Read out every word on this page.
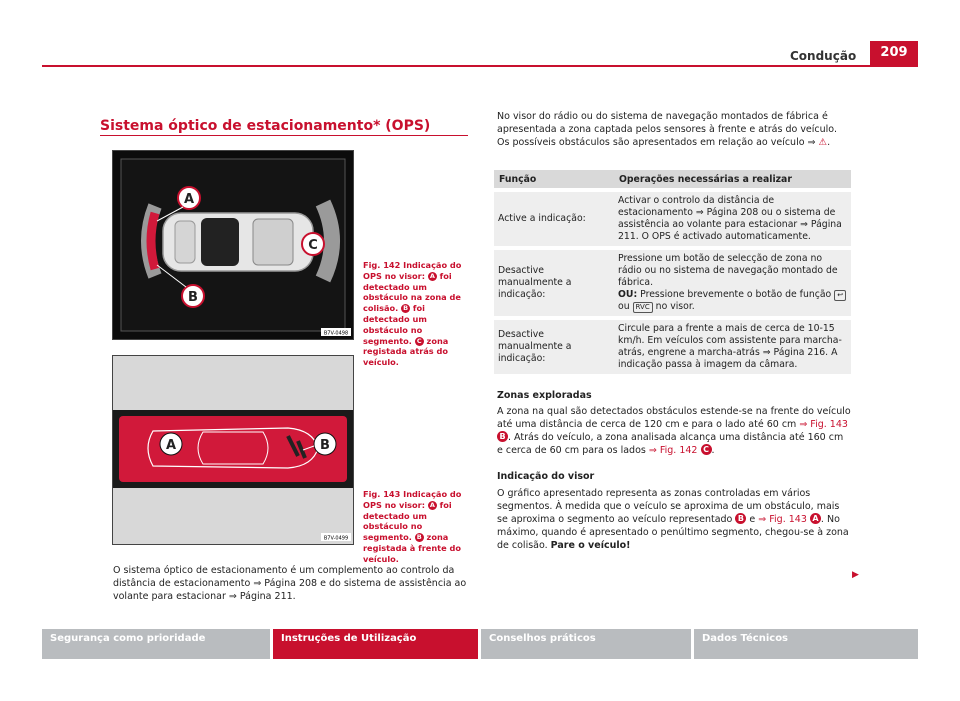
Condução	209
Sistema óptico de estacionamento* (OPS)
A
B
C
B7V-0498
Fig. 142 Indicação do OPS no visor: A foi detectado um obstáculo na zona de colisão. B foi detectado um obstáculo no segmento. C zona registada atrás do veículo.
A	B
B7V-0499
Fig. 143 Indicação do OPS no visor: A foi detectado um obstáculo no segmento. B zona registada à frente do veículo.
O sistema óptico de estacionamento é um complemento ao controlo da distância de estacionamento ⇒ Página 208 e do sistema de assistência ao volante para estacionar ⇒ Página 211.
No visor do rádio ou do sistema de navegação montados de fábrica é apresentada a zona captada pelos sensores à frente e atrás do veículo. Os possíveis obstáculos são apresentados em relação ao veículo ⇒ ⚠.
Função	Operações necessárias a realizar
Active a indicação:	Activar o controlo da distância de estacionamento ⇒ Página 208 ou o sistema de assistência ao volante para estacionar ⇒ Página 211. O OPS é activado automaticamente.
Desactive manualmente a indicação:	Pressione um botão de selecção de zona no rádio ou no sistema de navegação montado de fábrica.
OU: Pressione brevemente o botão de função ↩
ou RVC no visor.
Desactive manualmente a indicação:	Circule para a frente a mais de cerca de 10-15 km/h. Em veículos com assistente para marcha-atrás, engrene a marcha-atrás ⇒ Página 216. A indicação passa à imagem da câmara.
Zonas exploradas
A zona na qual são detectados obstáculos estende-se na frente do veículo até uma distância de cerca de 120 cm e para o lado até 60 cm ⇒ Fig. 143 B . Atrás do veículo, a zona analisada alcança uma distância até 160 cm e cerca de 60 cm para os lados ⇒ Fig. 142 C .
Indicação do visor
O gráfico apresentado representa as zonas controladas em vários segmentos. À medida que o veículo se aproxima de um obstáculo, mais se aproxima o segmento ao veículo representado B e ⇒ Fig. 143 A . No máximo, quando é apresentado o penúltimo segmento, chegou-se à zona de colisão. Pare o veículo!
▶
Segurança como prioridade	Instruções de Utilização	Conselhos práticos	Dados Técnicos
